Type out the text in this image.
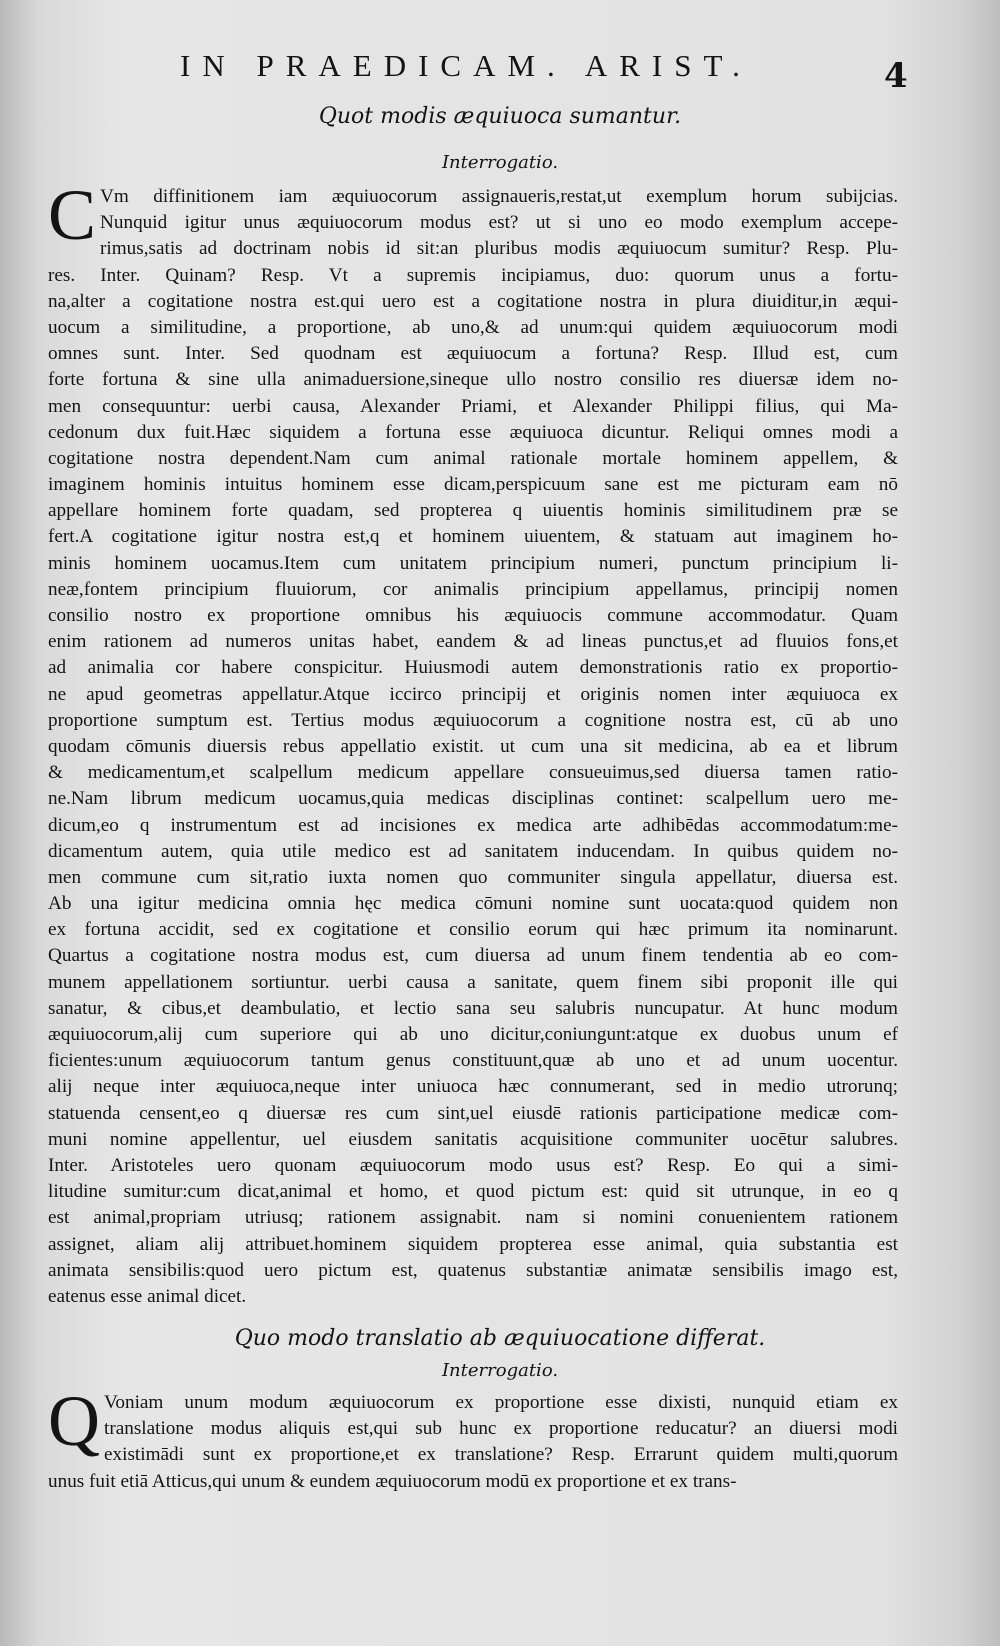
IN PRAEDICAM. ARIST.	4
Quot modis æquiuoca sumantur.
Interrogatio.
C Vm diffinitionem iam æquiuocorum assignaueris,restat,ut exemplum horum subijcias.
Nunquid igitur unus æquiuocorum modus est? ut si uno eo modo exemplum accepe-
rimus,satis ad doctrinam nobis id sit:an pluribus modis æquiuocum sumitur? Resp. Plu-
res. Inter. Quinam? Resp. Vt a supremis incipiamus, duo: quorum unus a fortu-
na,alter a cogitatione nostra est.qui uero est a cogitatione nostra in plura diuiditur,in æqui-
uocum a similitudine, a proportione, ab uno,& ad unum:qui quidem æquiuocorum modi
omnes sunt. Inter. Sed quodnam est æquiuocum a fortuna? Resp. Illud est, cum
forte fortuna & sine ulla animaduersione,sineque ullo nostro consilio res diuersæ idem no-
men consequuntur: uerbi causa, Alexander Priami, et Alexander Philippi filius, qui Ma-
cedonum dux fuit.Hæc siquidem a fortuna esse æquiuoca dicuntur. Reliqui omnes modi a
cogitatione nostra dependent.Nam cum animal rationale mortale hominem appellem, &
imaginem hominis intuitus hominem esse dicam,perspicuum sane est me picturam eam nō
appellare hominem forte quadam, sed propterea q uiuentis hominis similitudinem præ se
fert.A cogitatione igitur nostra est,q et hominem uiuentem, & statuam aut imaginem ho-
minis hominem uocamus.Item cum unitatem principium numeri, punctum principium li-
neæ,fontem principium fluuiorum, cor animalis principium appellamus, principij nomen
consilio nostro ex proportione omnibus his æquiuocis commune accommodatur. Quam
enim rationem ad numeros unitas habet, eandem & ad lineas punctus,et ad fluuios fons,et
ad animalia cor habere conspicitur. Huiusmodi autem demonstrationis ratio ex proportio-
ne apud geometras appellatur.Atque iccirco principij et originis nomen inter æquiuoca ex
proportione sumptum est. Tertius modus æquiuocorum a cognitione nostra est, cū ab uno
quodam cōmunis diuersis rebus appellatio existit. ut cum una sit medicina, ab ea et librum
& medicamentum,et scalpellum medicum appellare consueuimus,sed diuersa tamen ratio-
ne.Nam librum medicum uocamus,quia medicas disciplinas continet: scalpellum uero me-
dicum,eo q instrumentum est ad incisiones ex medica arte adhibēdas accommodatum:me-
dicamentum autem, quia utile medico est ad sanitatem inducendam. In quibus quidem no-
men commune cum sit,ratio iuxta nomen quo communiter singula appellatur, diuersa est.
Ab una igitur medicina omnia hęc medica cōmuni nomine sunt uocata:quod quidem non
ex fortuna accidit, sed ex cogitatione et consilio eorum qui hæc primum ita nominarunt.
Quartus a cogitatione nostra modus est, cum diuersa ad unum finem tendentia ab eo com-
munem appellationem sortiuntur. uerbi causa a sanitate, quem finem sibi proponit ille qui
sanatur, & cibus,et deambulatio, et lectio sana seu salubris nuncupatur. At hunc modum
æquiuocorum,alij cum superiore qui ab uno dicitur,coniungunt:atque ex duobus unum ef
ficientes:unum æquiuocorum tantum genus constituunt,quæ ab uno et ad unum uocentur.
alij neque inter æquiuoca,neque inter uniuoca hæc connumerant, sed in medio utrorunq;
statuenda censent,eo q diuersæ res cum sint,uel eiusdē rationis participatione medicæ com-
muni nomine appellentur, uel eiusdem sanitatis acquisitione communiter uocētur salubres.
Inter. Aristoteles uero quonam æquiuocorum modo usus est? Resp. Eo qui a simi-
litudine sumitur:cum dicat,animal et homo, et quod pictum est: quid sit utrunque, in eo q
est animal,propriam utriusq; rationem assignabit. nam si nomini conuenientem rationem
assignet, aliam alij attribuet.hominem siquidem propterea esse animal, quia substantia est
animata sensibilis:quod uero pictum est, quatenus substantiæ animatæ sensibilis imago est,
eatenus esse animal dicet.
Quo modo translatio ab æquiuocatione differat.
Interrogatio.
Q Voniam unum modum æquiuocorum ex proportione esse dixisti, nunquid etiam ex
translatione modus aliquis est,qui sub hunc ex proportione reducatur? an diuersi modi
existimādi sunt ex proportione,et ex translatione? Resp. Errarunt quidem multi,quorum
unus fuit etiā Atticus,qui unum & eundem æquiuocorum modū ex proportione et ex trans-
